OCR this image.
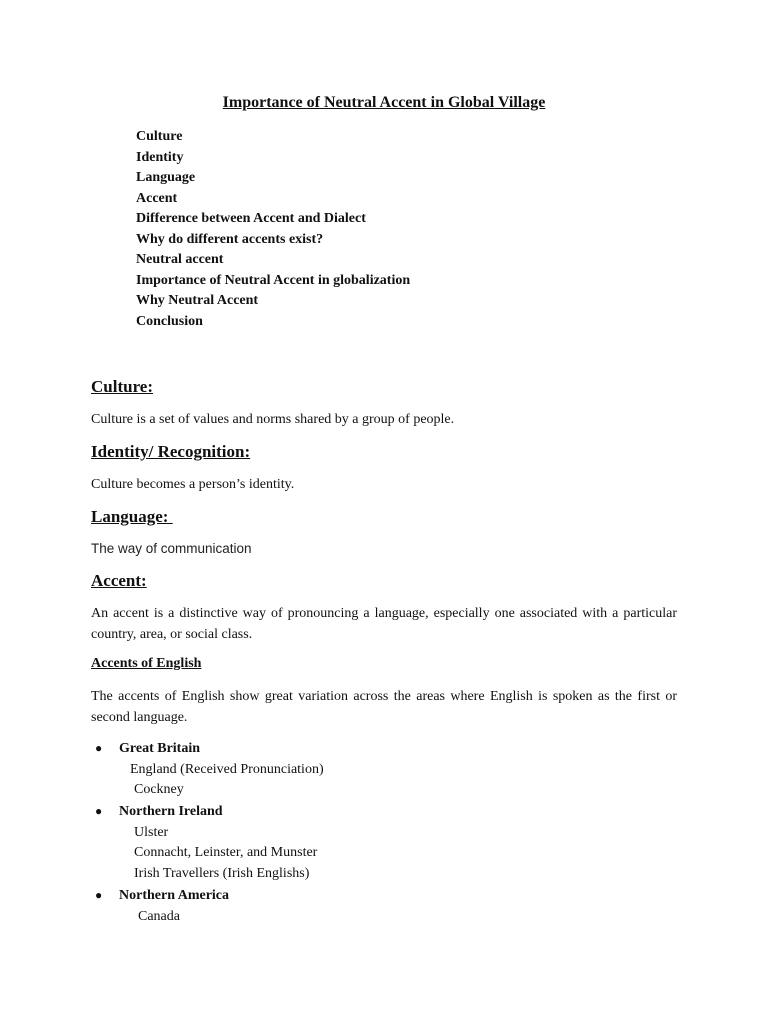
Importance of Neutral Accent in Global Village
Culture
Identity
Language
Accent
Difference between Accent and Dialect
Why do different accents exist?
Neutral accent
Importance of Neutral Accent in globalization
Why Neutral Accent
Conclusion
Culture:

Culture is a set of values and norms shared by a group of people.

Identity/ Recognition:

Culture becomes a person’s identity.

Language:

The way of communication

Accent:

An accent is a distinctive way of pronouncing a language, especially one associated with a particular country, area, or social class.

Accents of English

The accents of English show great variation across the areas where English is spoken as the first or second language.

●	Great Britain
England (Received Pronunciation)
Cockney
●	Northern Ireland
Ulster
Connacht, Leinster, and Munster
Irish Travellers (Irish Englishs)
●	Northern America
Canada
